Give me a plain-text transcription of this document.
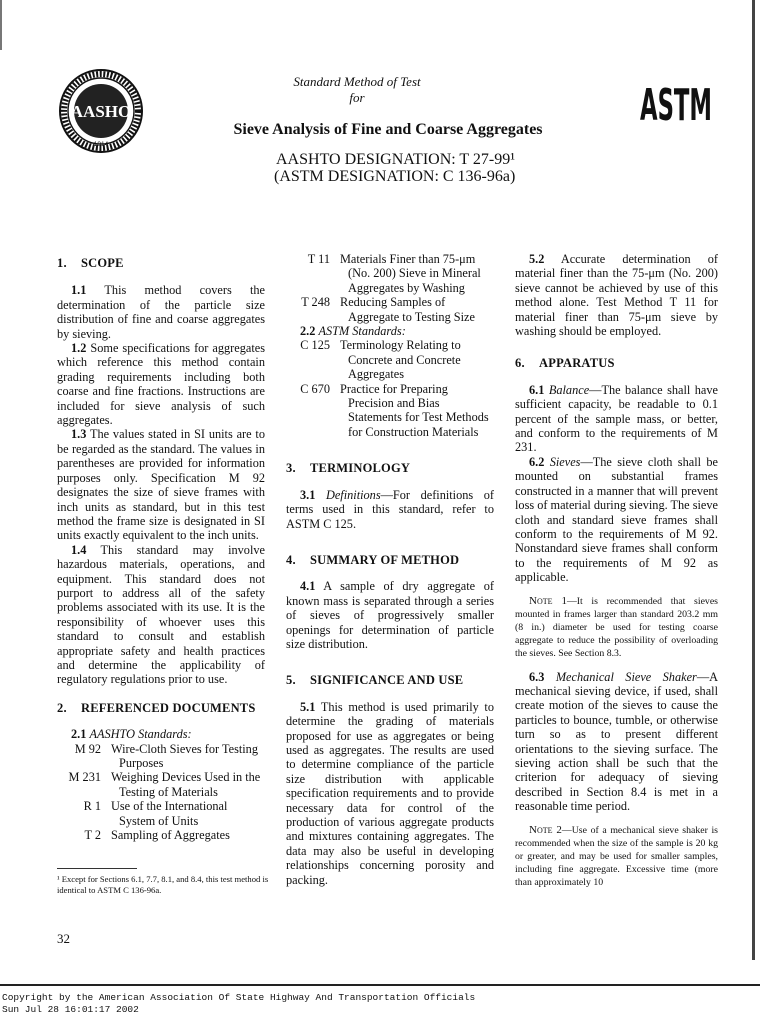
AASHO
1914
ASTM
Standard Method of Test
for
Sieve Analysis of Fine and Coarse Aggregates
AASHTO DESIGNATION: T 27-99¹
(ASTM DESIGNATION: C 136-96a)
1. SCOPE

1.1 This method covers the determination of the particle size distribution of fine and coarse aggregates by sieving.

1.2 Some specifications for aggregates which reference this method contain grading requirements including both coarse and fine fractions. Instructions are included for sieve analysis of such aggregates.

1.3 The values stated in SI units are to be regarded as the standard. The values in parentheses are provided for information purposes only. Specification M 92 designates the size of sieve frames with inch units as standard, but in this test method the frame size is designated in SI units exactly equivalent to the inch units.

1.4 This standard may involve hazardous materials, operations, and equipment. This standard does not purport to address all of the safety problems associated with its use. It is the responsibility of whoever uses this standard to consult and establish appropriate safety and health practices and determine the applicability of regulatory regulations prior to use.

2. REFERENCED DOCUMENTS

2.1 AASHTO Standards:

M 92 Wire-Cloth Sieves for Testing Purposes
M 231 Weighing Devices Used in the Testing of Materials
R 1 Use of the International System of Units
T 2 Sampling of Aggregates
¹ Except for Sections 6.1, 7.7, 8.1, and 8.4, this test method is identical to ASTM C 136-96a.
T 11 Materials Finer than 75-μm (No. 200) Sieve in Mineral Aggregates by Washing
T 248 Reducing Samples of Aggregate to Testing Size

2.2 ASTM Standards:

C 125 Terminology Relating to Concrete and Concrete Aggregates
C 670 Practice for Preparing Precision and Bias Statements for Test Methods for Construction Materials
3. TERMINOLOGY

3.1 Definitions—For definitions of terms used in this standard, refer to ASTM C 125.

4. SUMMARY OF METHOD

4.1 A sample of dry aggregate of known mass is separated through a series of sieves of progressively smaller openings for determination of particle size distribution.

5. SIGNIFICANCE AND USE

5.1 This method is used primarily to determine the grading of materials proposed for use as aggregates or being used as aggregates. The results are used to determine compliance of the particle size distribution with applicable specification requirements and to provide necessary data for control of the production of various aggregate products and mixtures containing aggregates. The data may also be useful in developing relationships concerning porosity and packing.

5.2 Accurate determination of material finer than the 75-μm (No. 200) sieve cannot be achieved by use of this method alone. Test Method T 11 for material finer than 75-μm sieve by washing should be employed.

6. APPARATUS

6.1 Balance—The balance shall have sufficient capacity, be readable to 0.1 percent of the sample mass, or better, and conform to the requirements of M 231.

6.2 Sieves—The sieve cloth shall be mounted on substantial frames constructed in a manner that will prevent loss of material during sieving. The sieve cloth and standard sieve frames shall conform to the requirements of M 92. Nonstandard sieve frames shall conform to the requirements of M 92 as applicable.

Note 1—It is recommended that sieves mounted in frames larger than standard 203.2 mm (8 in.) diameter be used for testing coarse aggregate to reduce the possibility of overloading the sieves. See Section 8.3.

6.3 Mechanical Sieve Shaker—A mechanical sieving device, if used, shall create motion of the sieves to cause the particles to bounce, tumble, or otherwise turn so as to present different orientations to the sieving surface. The sieving action shall be such that the criterion for adequacy of sieving described in Section 8.4 is met in a reasonable time period.

Note 2—Use of a mechanical sieve shaker is recommended when the size of the sample is 20 kg or greater, and may be used for smaller samples, including fine aggregate. Excessive time (more than approximately 10

32
Copyright by the American Association Of State Highway And Transportation Officials
Sun Jul 28 16:01:17 2002
